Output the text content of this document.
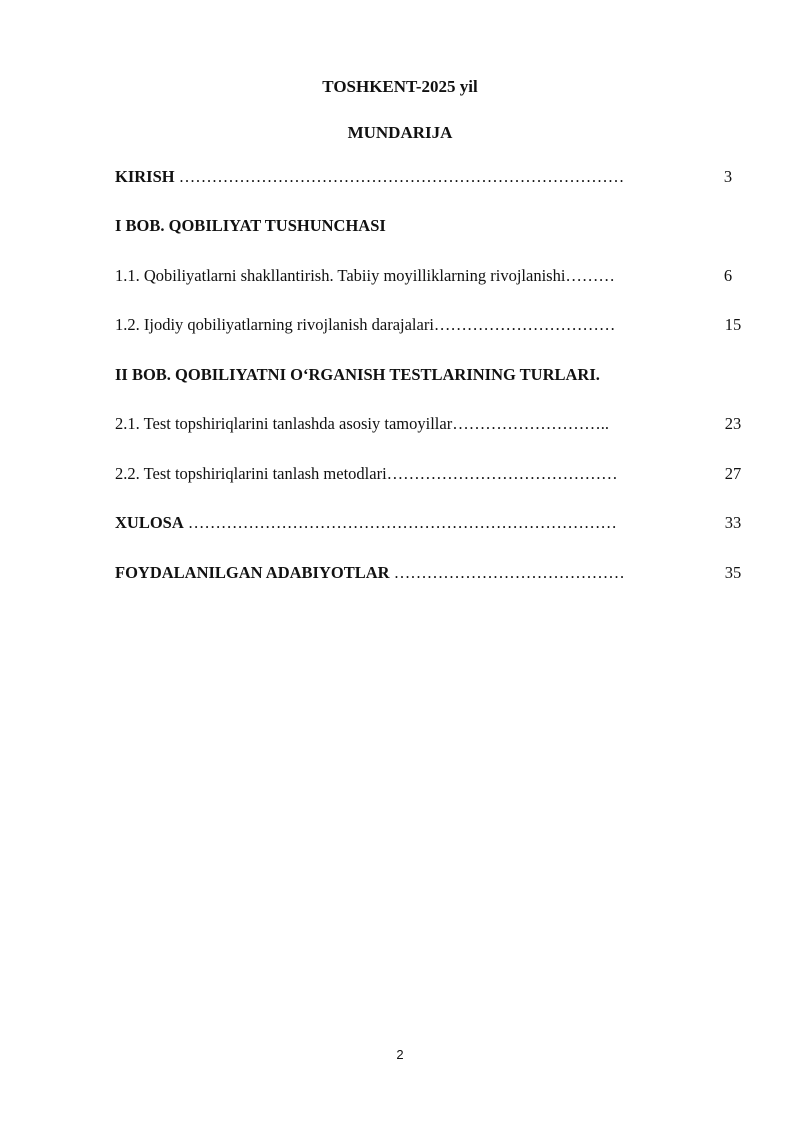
TOSHKENT-2025 yil
MUNDARIJA
KIRISH ………………………………………………………………………	3
I BOB. QOBILIYAT TUSHUNCHASI
1.1. Qobiliyatlarni shakllantirish. Tabiiy moyilliklarning rivojlanishi………	6
1.2. Ijodiy qobiliyatlarning rivojlanish darajalari……………………………	15
II BOB. QOBILIYATNI O‘RGANISH TESTLARINING TURLARI.
2.1. Test topshiriqlarini tanlashda asosiy tamoyillar………………………..	23
2.2. Test topshiriqlarini tanlash metodlari……………………………………	27
XULOSA ……………………………………………………………………	33
FOYDALANILGAN ADABIYOTLAR ……………………………………	35
2
